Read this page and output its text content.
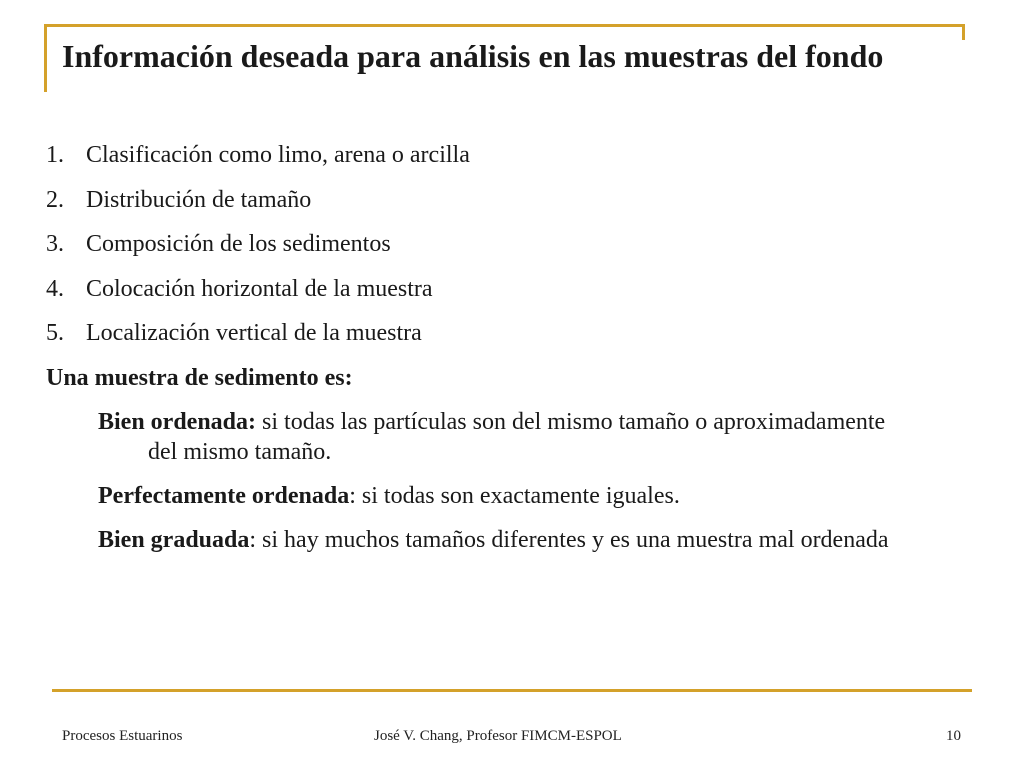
Información deseada para análisis en las muestras del fondo
1. Clasificación como limo, arena o arcilla
2. Distribución de tamaño
3. Composición de los sedimentos
4. Colocación horizontal de la muestra
5. Localización vertical de la muestra
Una muestra de sedimento es:
Bien ordenada: si todas las partículas son del mismo tamaño o aproximadamente del mismo tamaño.
Perfectamente ordenada: si todas son exactamente iguales.
Bien graduada: si hay muchos tamaños diferentes y es una muestra mal ordenada
Procesos Estuarinos	José V. Chang, Profesor FIMCM-ESPOL	10
